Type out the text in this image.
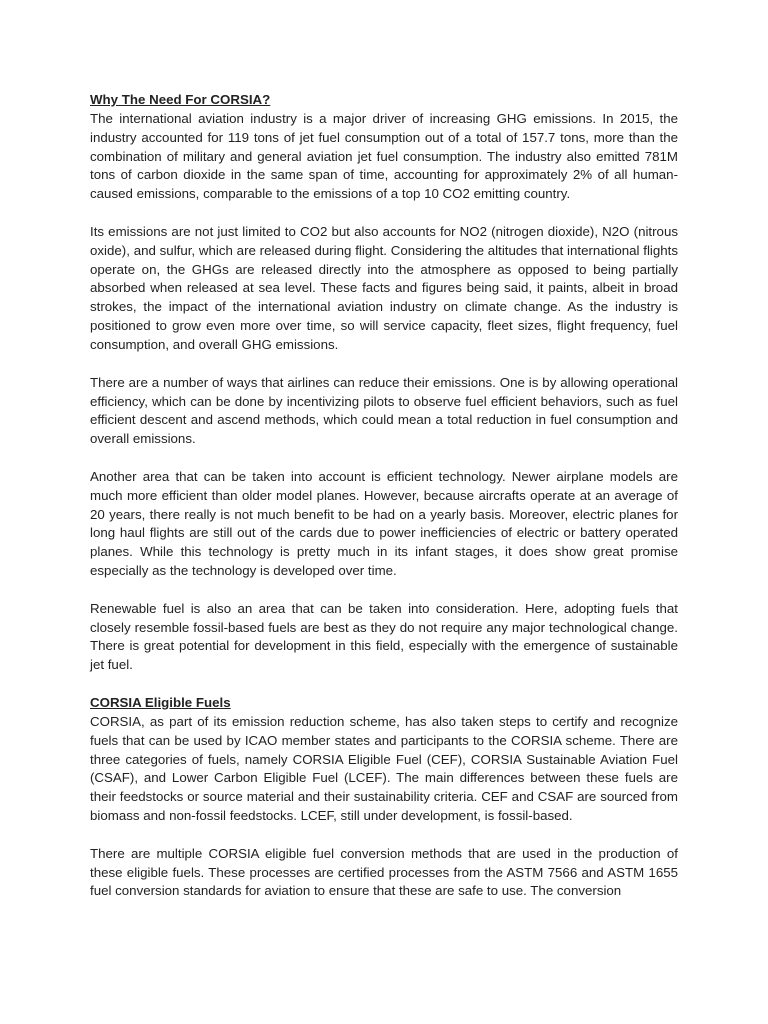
Why The Need For CORSIA?

The international aviation industry is a major driver of increasing GHG emissions. In 2015, the industry accounted for 119 tons of jet fuel consumption out of a total of 157.7 tons, more than the combination of military and general aviation jet fuel consumption. The industry also emitted 781M tons of carbon dioxide in the same span of time, accounting for approximately 2% of all human-caused emissions, comparable to the emissions of a top 10 CO2 emitting country.

Its emissions are not just limited to CO2 but also accounts for NO2 (nitrogen dioxide), N2O (nitrous oxide), and sulfur, which are released during flight. Considering the altitudes that international flights operate on, the GHGs are released directly into the atmosphere as opposed to being partially absorbed when released at sea level. These facts and figures being said, it paints, albeit in broad strokes, the impact of the international aviation industry on climate change. As the industry is positioned to grow even more over time, so will service capacity, fleet sizes, flight frequency, fuel consumption, and overall GHG emissions.

There are a number of ways that airlines can reduce their emissions. One is by allowing operational efficiency, which can be done by incentivizing pilots to observe fuel efficient behaviors, such as fuel efficient descent and ascend methods, which could mean a total reduction in fuel consumption and overall emissions.

Another area that can be taken into account is efficient technology. Newer airplane models are much more efficient than older model planes. However, because aircrafts operate at an average of 20 years, there really is not much benefit to be had on a yearly basis. Moreover, electric planes for long haul flights are still out of the cards due to power inefficiencies of electric or battery operated planes. While this technology is pretty much in its infant stages, it does show great promise especially as the technology is developed over time.

Renewable fuel is also an area that can be taken into consideration. Here, adopting fuels that closely resemble fossil-based fuels are best as they do not require any major technological change. There is great potential for development in this field, especially with the emergence of sustainable jet fuel.

CORSIA Eligible Fuels

CORSIA, as part of its emission reduction scheme, has also taken steps to certify and recognize fuels that can be used by ICAO member states and participants to the CORSIA scheme. There are three categories of fuels, namely CORSIA Eligible Fuel (CEF), CORSIA Sustainable Aviation Fuel (CSAF), and Lower Carbon Eligible Fuel (LCEF). The main differences between these fuels are their feedstocks or source material and their sustainability criteria. CEF and CSAF are sourced from biomass and non-fossil feedstocks. LCEF, still under development, is fossil-based.

There are multiple CORSIA eligible fuel conversion methods that are used in the production of these eligible fuels. These processes are certified processes from the ASTM 7566 and ASTM 1655 fuel conversion standards for aviation to ensure that these are safe to use. The conversion
